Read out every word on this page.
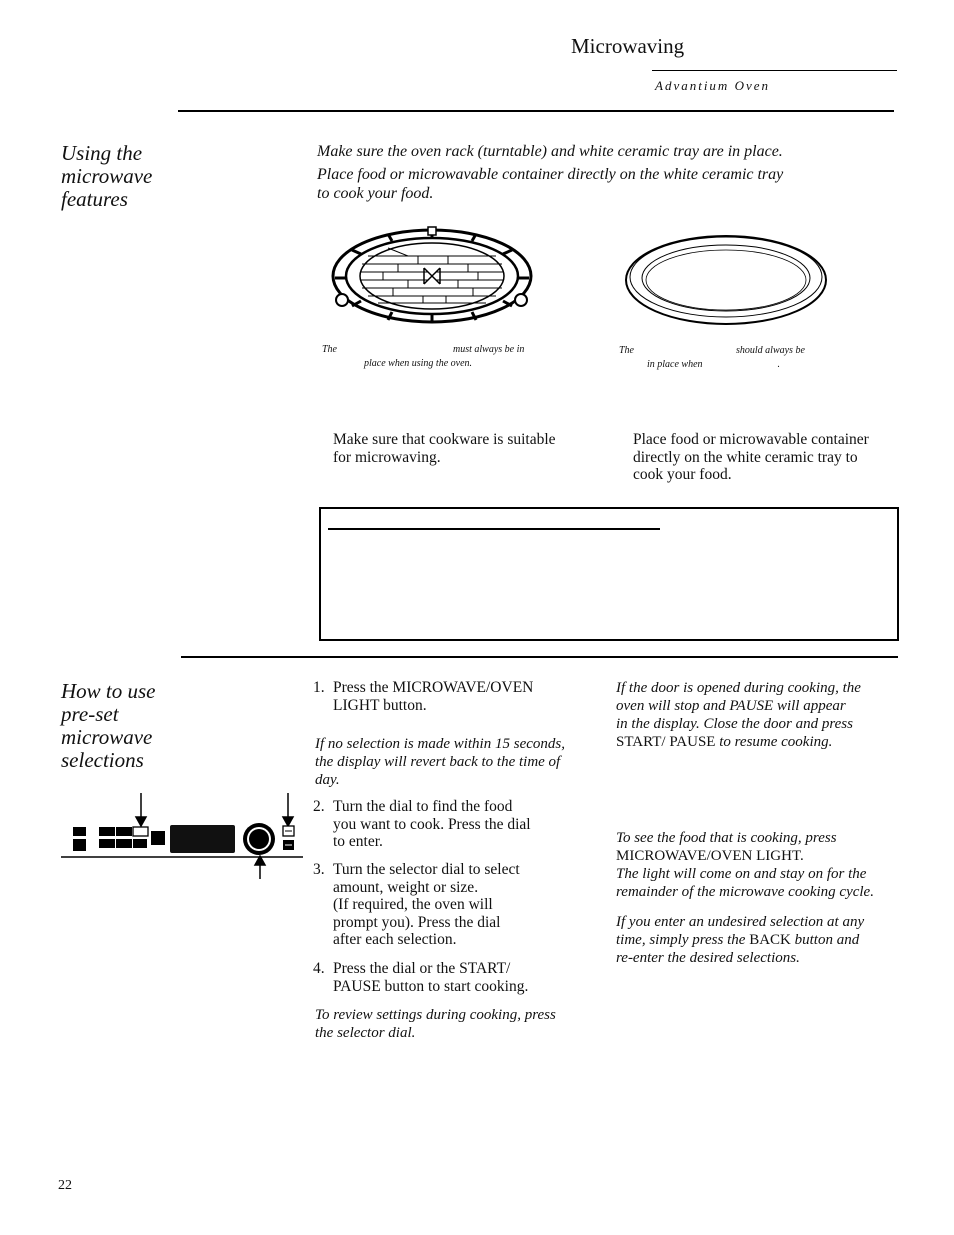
Microwaving
Advantium Oven
Using the
microwave
features
Make sure the oven rack (turntable) and white ceramic tray are in place.
Place food or microwavable container directly on the white ceramic tray
to cook your food.
The	must always be in
place when using the oven.
The	should always be
in place when	.
Make sure that cookware is suitable
for microwaving.
Place food or microwavable container
directly on the white ceramic tray to
cook your food.
How to use
pre-set
microwave
selections
1. Press the MICROWAVE/OVEN
LIGHT button.
If no selection is made within 15 seconds,
the display will revert back to the time of
day.
2. Turn the dial to find the food
you want to cook. Press the dial
to enter.
3. Turn the selector dial to select
amount, weight or size.
(If required, the oven will
prompt you). Press the dial
after each selection.
4. Press the dial or the START/
PAUSE button to start cooking.
To review settings during cooking, press
the selector dial.
If the door is opened during cooking, the
oven will stop and PAUSE will appear
in the display. Close the door and press
START/ PAUSE to resume cooking.
To see the food that is cooking, press
MICROWAVE/OVEN LIGHT.
The light will come on and stay on for the
remainder of the microwave cooking cycle.
If you enter an undesired selection at any
time, simply press the BACK button and
re-enter the desired selections.
22
